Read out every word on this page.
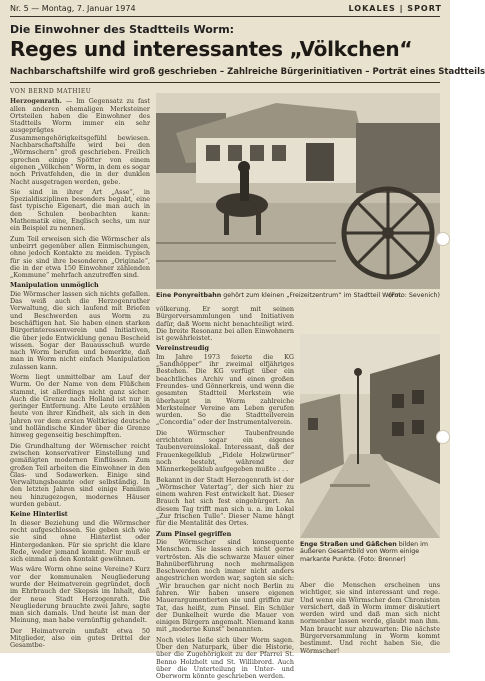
Nr. 5 — Montag, 7. Januar 1974	LOKALES | SPORT
Die Einwohner des Stadtteils Worm:
Reges und interessantes „Völkchen“
Nachbarschaftshilfe wird groß geschrieben – Zahlreiche Bürgerinitiativen – Porträt eines Stadtteils
VON BERND MATHIEU

Herzogenrath. — Im Gegensatz zu fast allen anderen ehemaligen Merksteiner Ortsteilen haben die Einwohner des Stadtteils Worm immer ein sehr ausgeprägtes Zusammengehörigkeitsgefühl bewiesen. Nachbarschaftshilfe wird bei den „Wörmschern“ groß geschrieben. Freilich sprechen einige Spötter von einem eigenen „Völkchen“ Worm, in dem es sogar noch Privatfehden, die in der dunklen Nacht ausgetragen werden, gebe.

Sie sind in ihrer Art „Asse“, in Spezialdisziplinen besonders begabt, eine fast typische Eigenart, die man auch in den Schulen beobachten kann: Mathematik eine, Englisch sechs, um nur ein Beispiel zu nennen.

Zum Teil erweisen sich die Wörmscher als unbeirrt gegenüber allen Einmischungen, ohne jedoch Kontakte zu meiden. Typisch für sie sind ihre besonderen „Originale“, die in der etwa 150 Einwohner zählenden „Kommune“ mehrfach anzutreffen sind.

Manipulation unmöglich

Die Wörmscher lassen sich nichts gefallen. Das weiß auch die Herzogenrather Verwaltung, die sich laufend mit Briefen und Beschwerden aus Worm zu beschäftigen hat. Sie haben einen starken Bürgerinteressenverein und Initiativen, die über jede Entwicklung genau Bescheid wissen. Sogar der Bauausschuß wurde nach Worm berufen und bemerkte, daß man in Worm nicht einfach Manipulation zulassen kann.

Worm liegt unmittelbar am Lauf der Wurm. Oo der Name von dem Flüßchen stammt, ist allerdings nicht ganz sicher. Auch die Grenze nach Holland ist nur in geringer Entfernung. Alte Leute erzählen heute von ihrer Kindheit, als sich in den Jahren vor dem ersten Weltkrieg deutsche und holländische Kinder über die Grenze hinweg gegenseitig beschimpften.

Die Grundhaltung der Wörmscher reicht zwischen konservativer Einstellung und gemäßigten modernen Einflüssen. Zum großen Teil arbeiten die Einwohner in den Glas- und Sodawerken. Einige sind Verwaltungsbeamte oder selbständig. In den letzten Jahren sind einige Familien neu hinzugezogen, modernes Häuser wurden gebaut.

Keine Hinterlist

In dieser Beziehung und die Wörmscher recht aufgeschlossen. Sie geben sich wie sie sind ohne Hinterlist oder Hintergedanken. Für sie spricht die klare Rede, weder jemand kommt. Nur muß er sich einmal an den Kontakt gewöhnen.

Was wäre Worm ohne seine Vereine? Kurz vor der kommunalen Neugliederung wurde der Heimatverein gegründet, doch im Ehrbrauch der Skepsis im Inhalt, daß der neue Stadt Herzogenrath. Die Neugliederung brauchte zwei Jahre, sagte man sich damals. Und heute ist man der Meinung, man habe vernünftig gehandelt.

Der Heimatverein umfaßt etwa 50 Mitglieder, also ein gutes Drittel der Gesamtbe-

Eine Ponyreitbahn gehört zum kleinen „Freizeitzentrum“ im Stadtteil Worm.
(Foto: Sevenich)

völkerung. Er sorgt mit seinen Bürgerversammlungen und Initiativen dafür, daß Worm nicht benachteiligt wird. Die breite Resonanz bei allen Einwohnern ist gewährleistet.

Vereinstreudig

Im Jahre 1973 feierte die KG „Sandhöpper“ ihr zweimal elfjähriges Bestehen. Die KG verfügt über ein beachtliches Archiv und einen großen Freundes- und Gönnerkreis, und wenn die gesamten Stadtteil Merkstein wie überhaupt in Worm zahlreiche Merksteiner Vereine am Leben gerufen wurden. So die Stadtteilverein „Concordia“ oder der Instrumentalverein.

Die Wörmscher Taubenfreunde errichteten sogar ein eigenes Taubenvereinslokal. Interessant, daß der Frauenkegelklub „Fidele Holzwürmer“ noch besteht, während der Männerkegelklub aufgegeben mußte . . .

Bekannt in der Stadt Herzogenrath ist der „Wörmscher Vatertag“, der sich hier zu einem wahren Fest entwickelt hat. Dieser Brauch hat sich fest eingebürgert. An diesem Tag trifft man sich u. a. im Lokal „Zur frischen Tulle“. Dieser Name hängt für die Mentalität des Ortes.

Zum Pinsel gegriffen

Die Wörmscher sind konsequente Menschen. Sie lassen sich nicht gerne vertrösten. Als die schwarze Mauer einer Bahnüberführung noch mehrmaligen Beschwerden noch immer nicht anders angestrichen worden war, sagten sie sich: „Wir brauchen gar nicht noch Berlin zu fahren. Wir haben unsere eigenen Mauerargumentierten sie und griffen zur Tat, das heißt, zum Pinsel. Ein Schüler der Dunkelheit wurde die Mauer von einigen Bürgern angemalt. Niemand kann mit „moderne Kunst“ benannten.

Noch vieles ließe sich über Worm sagen. Über den Naturpark, über die Historie, über die Zugehörigkeit zu der Pfarrei St. Benno Holzhelt und St. Willibrord. Auch über die Unterteilung in Unter- und Oberworm könnte geschrieben werden.

Enge Straßen und Gäßchen bilden im äußeren Gesamtbild von Worm einige markante Punkte. (Foto: Brenner)

Aber die Menschen erscheinen uns wichtiger, sie sind interessant und rege. Und wenn ein Wörmscher dem Chronisten versichert, daß in Worm immer diskutiert werden wird und daß man sich nicht normenbar lassen werde, glaubt man ihm. Man braucht nur abzuwarten: Die nächste Bürgerversammlung in Worm kommt bestimmt. Und recht haben Sie, die Wörmscher!
